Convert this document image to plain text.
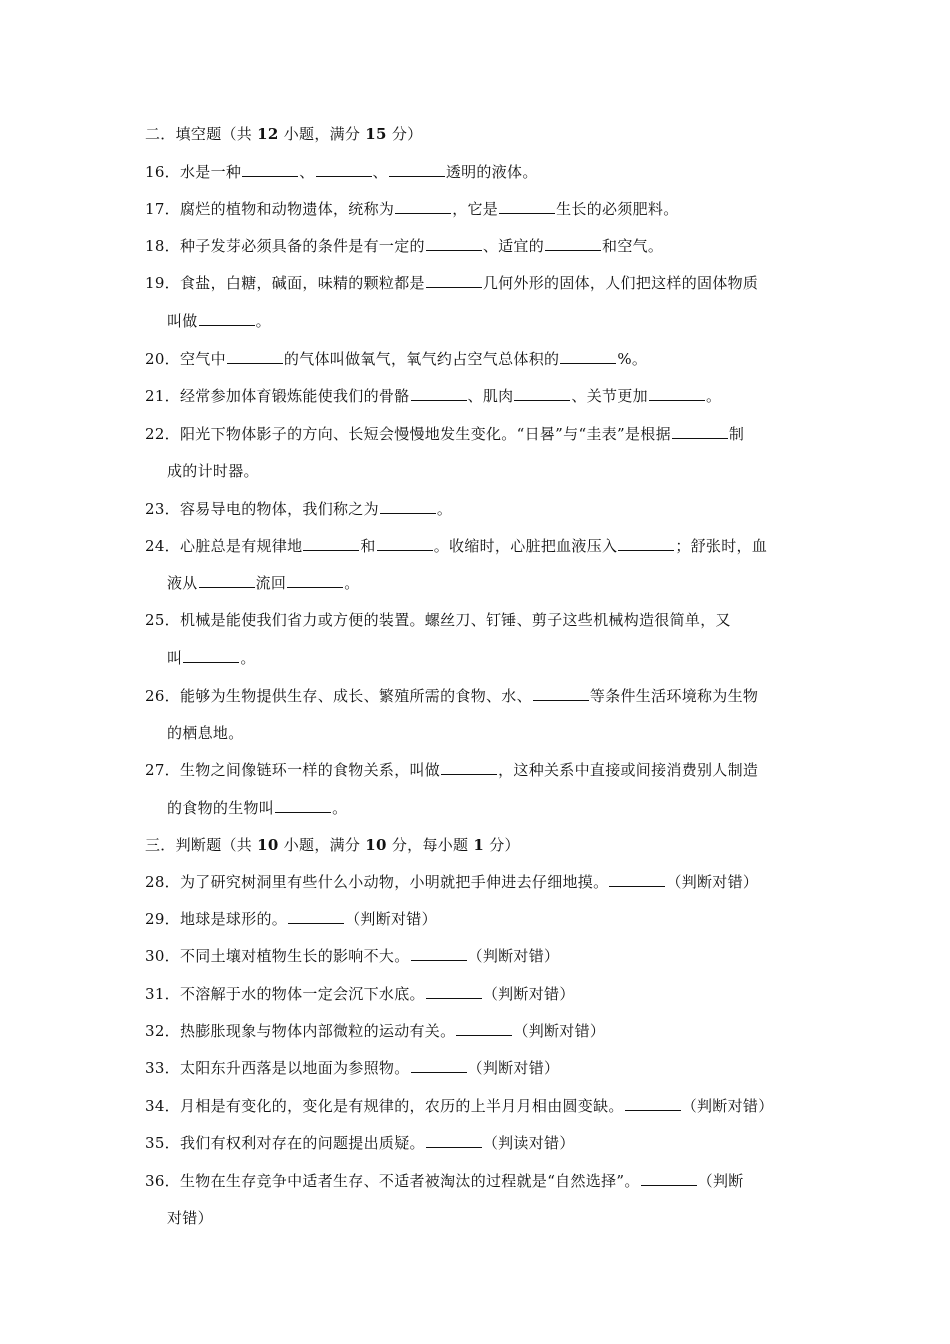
二．填空题（共 12 小题，满分 15 分）
16．水是一种	、	、	透明的液体。
17．腐烂的植物和动物遗体，统称为	，它是	生长的必须肥料。
18．种子发芽必须具备的条件是有一定的	、适宜的	和空气。
19．食盐，白糖，碱面，味精的颗粒都是	几何外形的固体，人们把这样的固体物质
叫做	。
20．空气中	的气体叫做氧气，氧气约占空气总体积的	%。
21．经常参加体育锻炼能使我们的骨骼	、肌肉	、关节更加	。
22．阳光下物体影子的方向、长短会慢慢地发生变化。“日晷”与“圭表”是根据	制
成的计时器。
23．容易导电的物体，我们称之为	。
24．心脏总是有规律地	和	。收缩时，心脏把血液压入	；舒张时，血
液从	流回	。
25．机械是能使我们省力或方便的装置。螺丝刀、钉锤、剪子这些机械构造很简单，又
叫	。
26．能够为生物提供生存、成长、繁殖所需的食物、水、	等条件生活环境称为生物
的栖息地。
27．生物之间像链环一样的食物关系，叫做	，这种关系中直接或间接消费别人制造
的食物的生物叫	。
三．判断题（共 10 小题，满分 10 分，每小题 1 分）
28．为了研究树洞里有些什么小动物，小明就把手伸进去仔细地摸。	（判断对错）
29．地球是球形的。	（判断对错）
30．不同土壤对植物生长的影响不大。	（判断对错）
31．不溶解于水的物体一定会沉下水底。	（判断对错）
32．热膨胀现象与物体内部微粒的运动有关。	（判断对错）
33．太阳东升西落是以地面为参照物。	（判断对错）
34．月相是有变化的，变化是有规律的，农历的上半月月相由圆变缺。	（判断对错）
35．我们有权利对存在的问题提出质疑。	（判读对错）
36．生物在生存竞争中适者生存、不适者被淘汰的过程就是“自然选择”。	（判断
对错）
